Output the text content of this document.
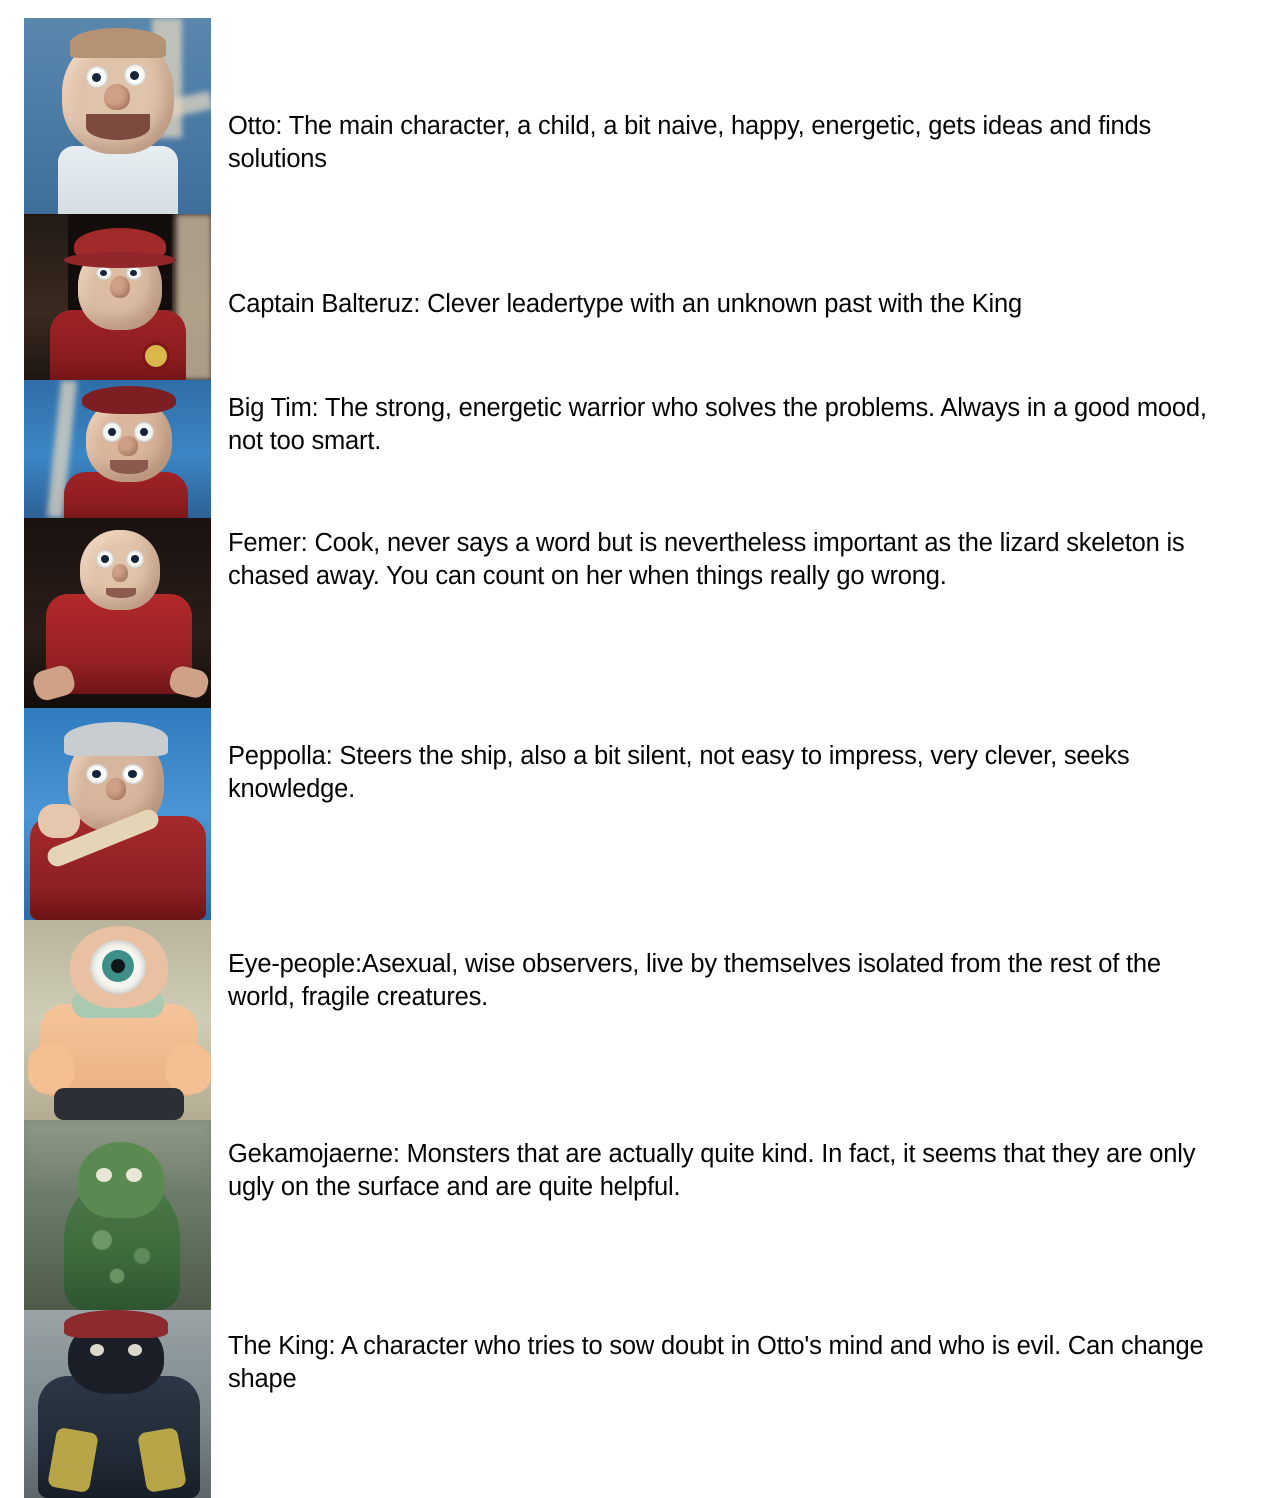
Otto: The main character, a child, a bit naive, happy, energetic, gets ideas and finds solutions
Captain Balteruz: Clever leadertype with an unknown past with the King
Big Tim: The strong, energetic warrior who solves the problems. Always in a good mood, not too smart.
Femer: Cook, never says a word but is nevertheless important as the lizard skeleton is chased away. You can count on her when things really go wrong.
Peppolla: Steers the ship, also a bit silent, not easy to impress, very clever, seeks knowledge.
Eye-people:Asexual, wise observers, live by themselves isolated from the rest of the world, fragile creatures.
Gekamojaerne: Monsters that are actually quite kind. In fact, it seems that they are only ugly on the surface and are quite helpful.
The King: A character who tries to sow doubt in Otto's mind and who is evil. Can change shape
